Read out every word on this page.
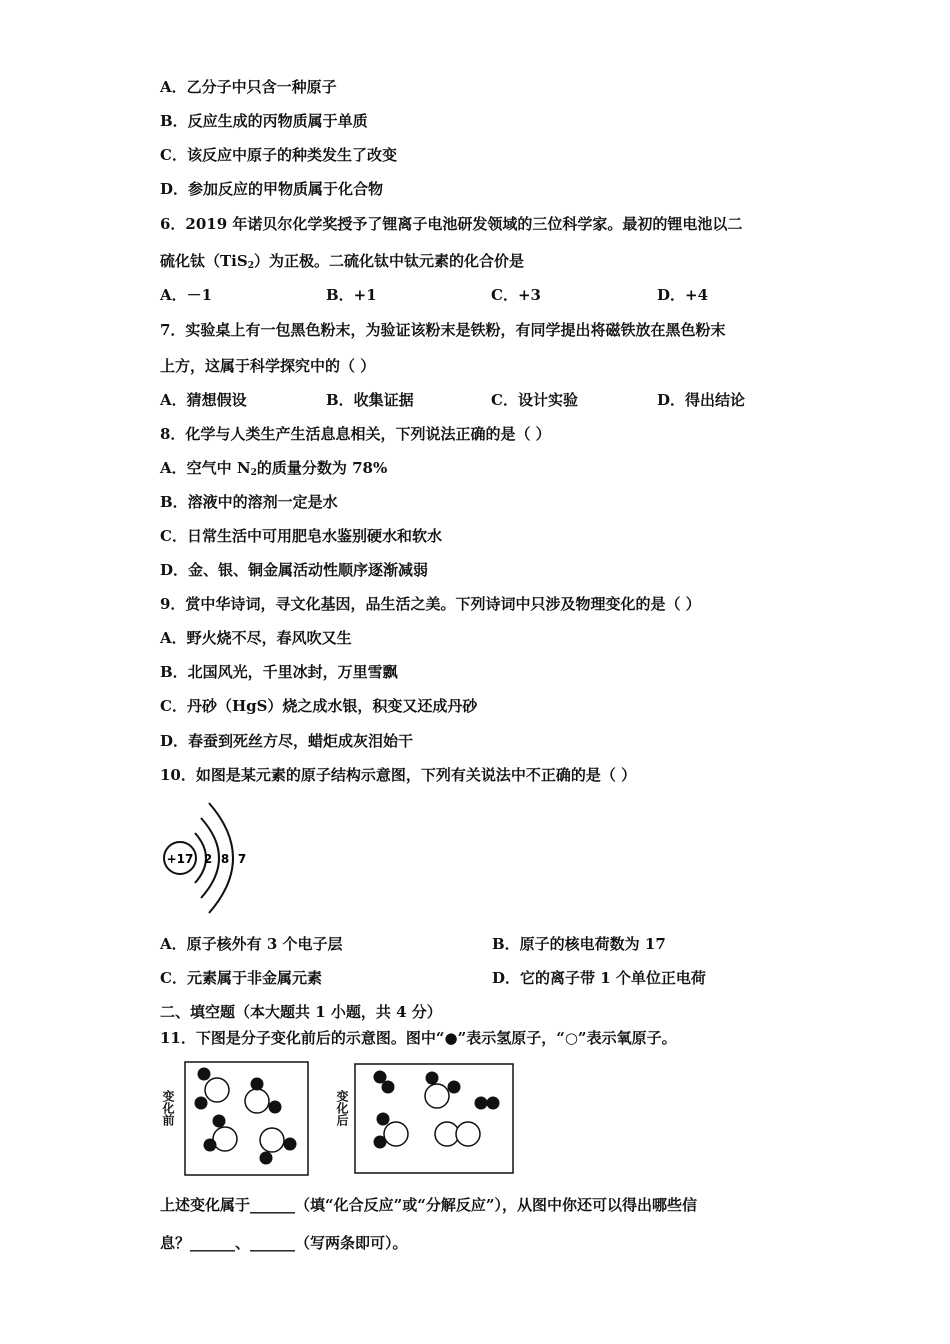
A．乙分子中只含一种原子
B．反应生成的丙物质属于单质
C．该反应中原子的种类发生了改变
D．参加反应的甲物质属于化合物
6．2019 年诺贝尔化学奖授予了锂离子电池研发领域的三位科学家。最初的锂电池以二
硫化钛（TiS$_2$）为正极。二硫化钛中钛元素的化合价是
A．－1	B．+1	C．+3	D．+4
7．实验桌上有一包黑色粉末，为验证该粉末是铁粉，有同学提出将磁铁放在黑色粉末
上方，这属于科学探究中的（ ）
A．猜想假设	B．收集证据	C．设计实验	D．得出结论
8．化学与人类生产生活息息相关，下列说法正确的是（ ）
A．空气中 $N_2$的质量分数为 78%
B．溶液中的溶剂一定是水
C．日常生活中可用肥皂水鉴别硬水和软水
D．金、银、铜金属活动性顺序逐渐减弱
9．赏中华诗词，寻文化基因，品生活之美。下列诗词中只涉及物理变化的是（ ）
A．野火烧不尽，春风吹又生
B．北国风光，千里冰封，万里雪飘
C．丹砂（HgS）烧之成水银，积变又还成丹砂
D．春蚕到死丝方尽，蜡炬成灰泪始干
10．如图是某元素的原子结构示意图，下列有关说法中不正确的是（ ）
+17 2 8 7
A．原子核外有 3 个电子层	B．原子的核电荷数为 17
C．元素属于非金属元素	D．它的离子带 1 个单位正电荷
二、填空题（本大题共 1 小题，共 4 分）
11．下图是分子变化前后的示意图。图中“●”表示氢原子，“○”表示氧原子。
变化前	变化后
上述变化属于______（填“化合反应”或“分解反应”），从图中你还可以得出哪些信
息？______、______（写两条即可）。
